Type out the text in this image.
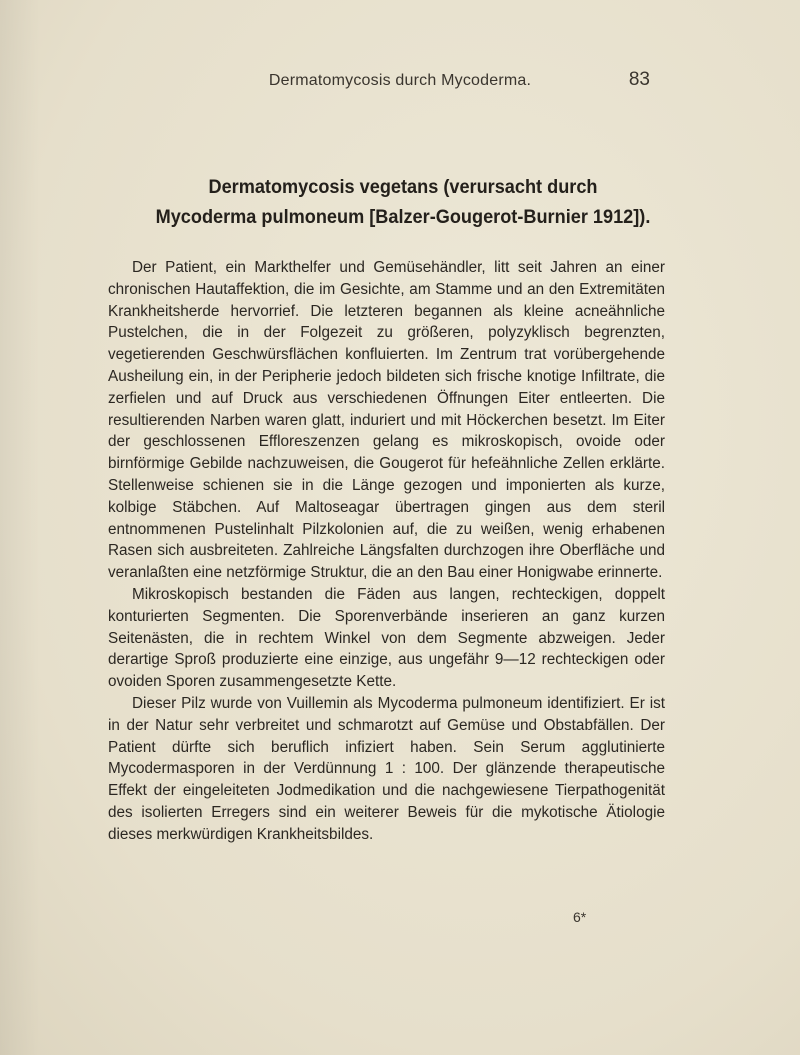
Dermatomycosis durch Mycoderma.	83
Dermatomycosis vegetans (verursacht durch
Mycoderma pulmoneum [Balzer-Gougerot-Burnier 1912]).

Der Patient, ein Markthelfer und Gemüsehändler, litt seit Jahren an einer chronischen Hautaffektion, die im Gesichte, am Stamme und an den Extremitäten Krankheitsherde hervorrief. Die letzteren begannen als kleine acneähnliche Pustelchen, die in der Folgezeit zu größeren, polyzyklisch begrenzten, vegetierenden Geschwürsflächen konfluierten. Im Zentrum trat vorübergehende Ausheilung ein, in der Peripherie jedoch bildeten sich frische knotige Infiltrate, die zerfielen und auf Druck aus verschiedenen Öffnungen Eiter entleerten. Die resultierenden Narben waren glatt, induriert und mit Höckerchen besetzt. Im Eiter der geschlossenen Effloreszenzen gelang es mikroskopisch, ovoide oder birnförmige Gebilde nachzuweisen, die Gougerot für hefeähnliche Zellen erklärte. Stellenweise schienen sie in die Länge gezogen und imponierten als kurze, kolbige Stäbchen. Auf Maltoseagar übertragen gingen aus dem steril entnommenen Pustelinhalt Pilzkolonien auf, die zu weißen, wenig erhabenen Rasen sich ausbreiteten. Zahlreiche Längsfalten durchzogen ihre Oberfläche und veranlaßten eine netzförmige Struktur, die an den Bau einer Honigwabe erinnerte.

Mikroskopisch bestanden die Fäden aus langen, rechteckigen, doppelt konturierten Segmenten. Die Sporenverbände inserieren an ganz kurzen Seitenästen, die in rechtem Winkel von dem Segmente abzweigen. Jeder derartige Sproß produzierte eine einzige, aus ungefähr 9—12 rechteckigen oder ovoiden Sporen zusammengesetzte Kette.

Dieser Pilz wurde von Vuillemin als Mycoderma pulmoneum identifiziert. Er ist in der Natur sehr verbreitet und schmarotzt auf Gemüse und Obstabfällen. Der Patient dürfte sich beruflich infiziert haben. Sein Serum agglutinierte Mycodermasporen in der Verdünnung 1 : 100. Der glänzende therapeutische Effekt der eingeleiteten Jodmedikation und die nachgewiesene Tierpathogenität des isolierten Erregers sind ein weiterer Beweis für die mykotische Ätiologie dieses merkwürdigen Krankheitsbildes.

6*
